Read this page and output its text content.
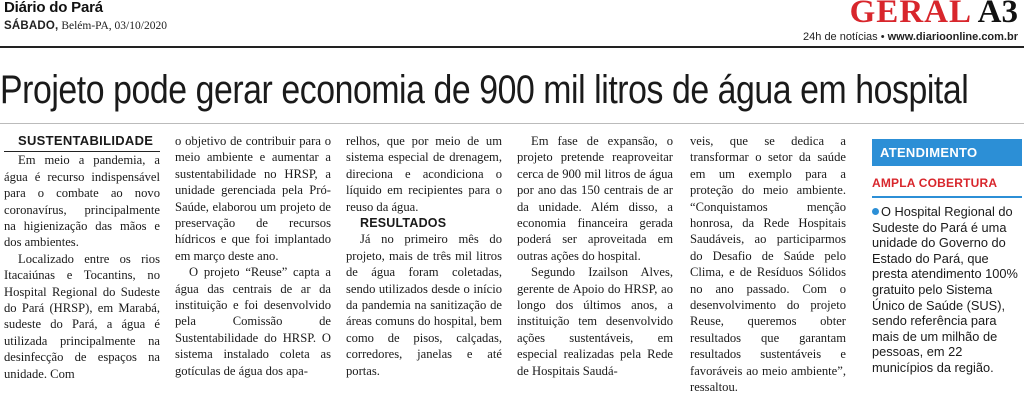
Diário do Pará
SÁBADO, Belém-PA, 03/10/2020	GERAL A3
24h de notícias • www.diarioonline.com.br
Projeto pode gerar economia de 900 mil litros de água em hospital

SUSTENTABILIDADE

Em meio a pandemia, a água é recurso indispensável para o combate ao novo coronavírus, principalmente na higienização das mãos e dos ambientes.

Localizado entre os rios Itacaiúnas e Tocantins, no Hospital Regional do Sudeste do Pará (HRSP), em Marabá, sudeste do Pará, a água é utilizada principalmente na desinfecção de espaços na unidade. Com

o objetivo de contribuir para o meio ambiente e aumentar a sustentabilidade no HRSP, a unidade gerenciada pela Pró-Saúde, elaborou um projeto de preservação de recursos hídricos e que foi implantado em março deste ano.

O projeto “Reuse” capta a água das centrais de ar da instituição e foi desenvolvido pela Comissão de Sustentabilidade do HRSP. O sistema instalado coleta as gotículas de água dos apa-

relhos, que por meio de um sistema especial de drenagem, direciona e acondiciona o líquido em recipientes para o reuso da água.

RESULTADOS

Já no primeiro mês do projeto, mais de três mil litros de água foram coletadas, sendo utilizados desde o início da pandemia na sanitização de áreas comuns do hospital, bem como de pisos, calçadas, corredores, janelas e até portas.

Em fase de expansão, o projeto pretende reaproveitar cerca de 900 mil litros de água por ano das 150 centrais de ar da unidade. Além disso, a economia financeira gerada poderá ser aproveitada em outras ações do hospital.

Segundo Izailson Alves, gerente de Apoio do HRSP, ao longo dos últimos anos, a instituição tem desenvolvido ações sustentáveis, em especial realizadas pela Rede de Hospitais Saudá-

veis, que se dedica a transformar o setor da saúde em um exemplo para a proteção do meio ambiente. “Conquistamos menção honrosa, da Rede Hospitais Saudáveis, ao participarmos do Desafio de Saúde pelo Clima, e de Resíduos Sólidos no ano passado. Com o desenvolvimento do projeto Reuse, queremos obter resultados que garantam resultados sustentáveis e favoráveis ao meio ambiente”, ressaltou.

ATENDIMENTO
AMPLA COBERTURA
O Hospital Regional do Sudeste do Pará é uma unidade do Governo do Estado do Pará, que presta atendimento 100% gratuito pelo Sistema Único de Saúde (SUS), sendo referência para mais de um milhão de pessoas, em 22 municípios da região.
